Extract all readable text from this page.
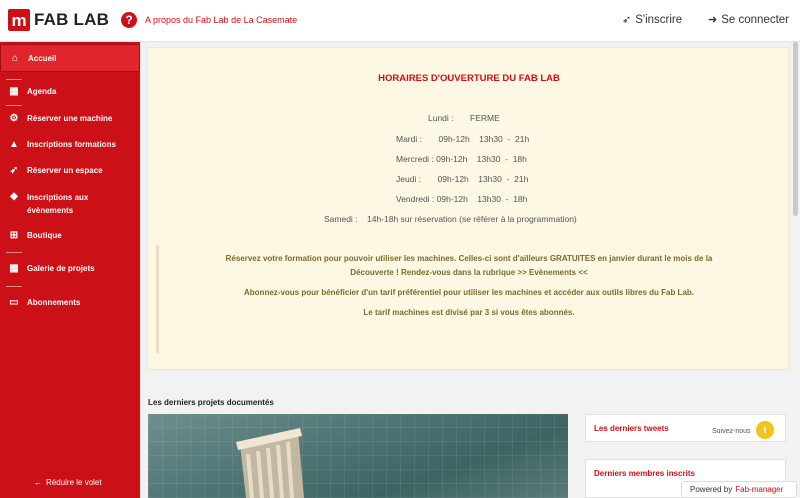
m FAB LAB	?	A propos du Fab Lab de La Casemate	➶ S'inscrire ➜ Se connecter
⌂	Accueil
▦ Agenda
⚙ Réserver une machine
▲ Inscriptions formations
➶ Réserver un espace
◆ Inscriptions aux
évènements
⊞ Boutique
▦ Galerie de projets
▭ Abonnements
← Réduire le volet
HORAIRES D'OUVERTURE DU FAB LAB
Lundi :       FERME
Mardi :       09h-12h    13h30  -  21h
Mercredi : 09h-12h    13h30  -  18h
Jeudi :       09h-12h    13h30  -  21h
Vendredi : 09h-12h    13h30  -  18h
Samedi :    14h-18h sur réservation (se référer à la programmation)
Réservez votre formation pour pouvoir utiliser les machines. Celles-ci sont d'ailleurs GRATUITES en janvier durant le mois de la
Découverte ! Rendez-vous dans la rubrique >> Evènements <<
Abonnez-vous pour bénéficier d'un tarif préférentiel pour utiliser les machines et accéder aux outils libres du Fab Lab.
Le tarif machines est divisé par 3 si vous êtes abonnés.
Les derniers projets documentés
Les derniers tweets	Suivez-nous	t
Derniers membres inscrits
Powered by Fab-manager
